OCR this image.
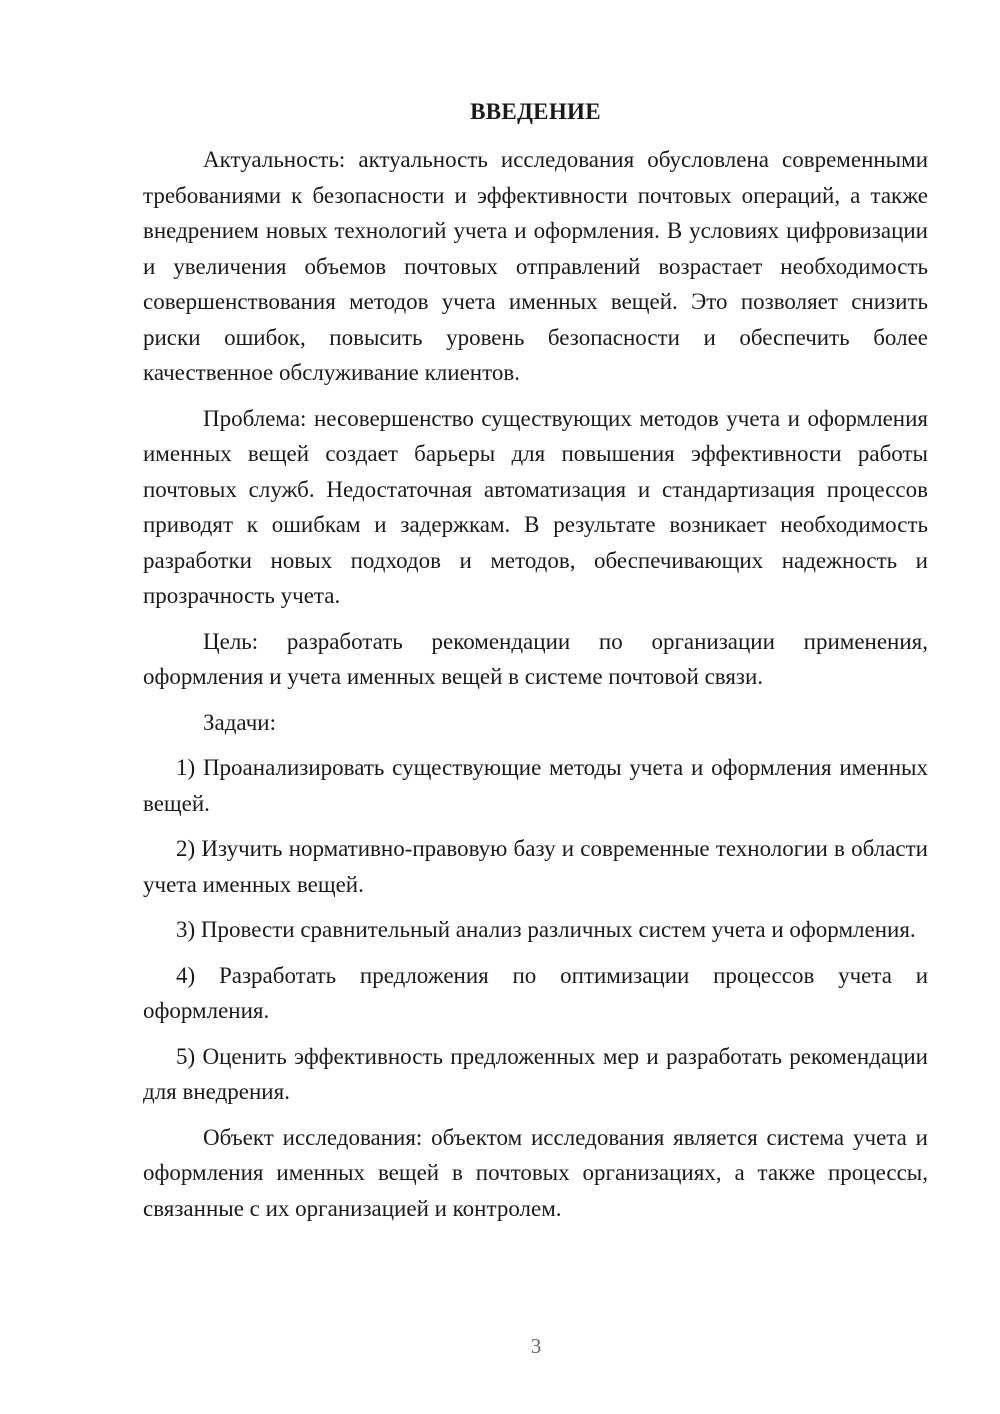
ВВЕДЕНИЕ

Актуальность: актуальность исследования обусловлена современными требованиями к безопасности и эффективности почтовых операций, а также внедрением новых технологий учета и оформления. В условиях цифровизации и увеличения объемов почтовых отправлений возрастает необходимость совершенствования методов учета именных вещей. Это позволяет снизить риски ошибок, повысить уровень безопасности и обеспечить более качественное обслуживание клиентов.

Проблема: несовершенство существующих методов учета и оформления именных вещей создает барьеры для повышения эффективности работы почтовых служб. Недостаточная автоматизация и стандартизация процессов приводят к ошибкам и задержкам. В результате возникает необходимость разработки новых подходов и методов, обеспечивающих надежность и прозрачность учета.

Цель: разработать рекомендации по организации применения, оформления и учета именных вещей в системе почтовой связи.

Задачи:

1) Проанализировать существующие методы учета и оформления именных вещей.

2) Изучить нормативно-правовую базу и современные технологии в области учета именных вещей.

3) Провести сравнительный анализ различных систем учета и оформления.

4) Разработать предложения по оптимизации процессов учета и оформления.

5) Оценить эффективность предложенных мер и разработать рекомендации для внедрения.

Объект исследования: объектом исследования является система учета и оформления именных вещей в почтовых организациях, а также процессы, связанные с их организацией и контролем.

3
